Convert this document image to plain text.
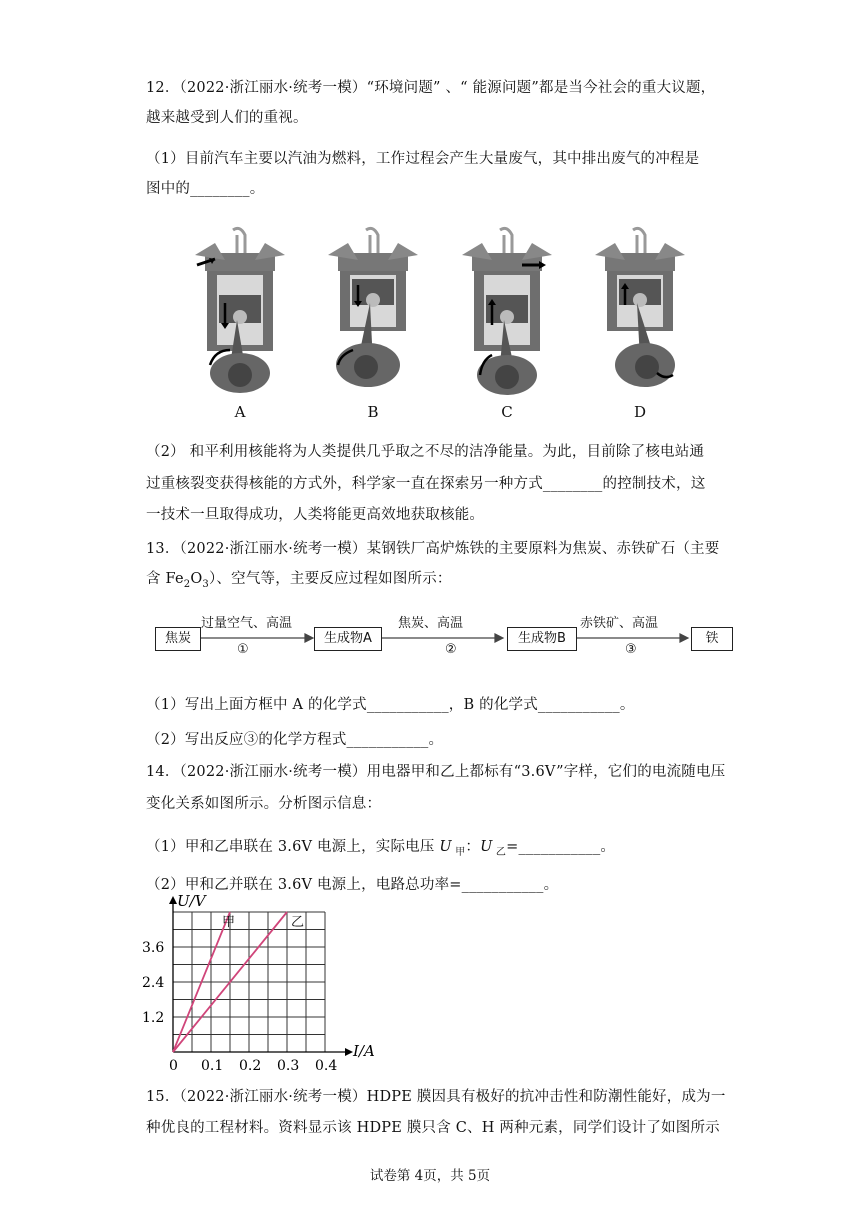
12．（2022·浙江丽水·统考一模）“环境问题” 、“ 能源问题”都是当今社会的重大议题，
越来越受到人们的重视。
（1）目前汽车主要以汽油为燃料，工作过程会产生大量废气，其中排出废气的冲程是
图中的________。
A	B	C	D
（2） 和平利用核能将为人类提供几乎取之不尽的洁净能量。为此，目前除了核电站通
过重核裂变获得核能的方式外，科学家一直在探索另一种方式________的控制技术，这
一技术一旦取得成功，人类将能更高效地获取核能。
13．（2022·浙江丽水·统考一模）某钢铁厂高炉炼铁的主要原料为焦炭、赤铁矿石（主要
含 $Fe_2O_3$）、空气等，主要反应过程如图所示：
焦炭	生成物A	生成物B	铁
过量空气、高温	焦炭、高温	赤铁矿、高温
①	②	③
（1）写出上面方框中 A 的化学式___________，B 的化学式___________。
（2）写出反应③的化学方程式___________。
14．（2022·浙江丽水·统考一模）用电器甲和乙上都标有“3.6V”字样，它们的电流随电压
变化关系如图所示。分析图示信息：
（1）甲和乙串联在 3.6V 电源上，实际电压 U $_甲$：U $_乙$=___________。
（2）甲和乙并联在 3.6V 电源上，电路总功率=___________。
I/A
U/V
0 0.1 0.2 0.3 0.4
1.2
2.4
3.6
甲	乙
15．（2022·浙江丽水·统考一模）HDPE 膜因具有极好的抗冲击性和防潮性能好，成为一
种优良的工程材料。资料显示该 HDPE 膜只含 C、H 两种元素，同学们设计了如图所示
试卷第 4页，共 5页
